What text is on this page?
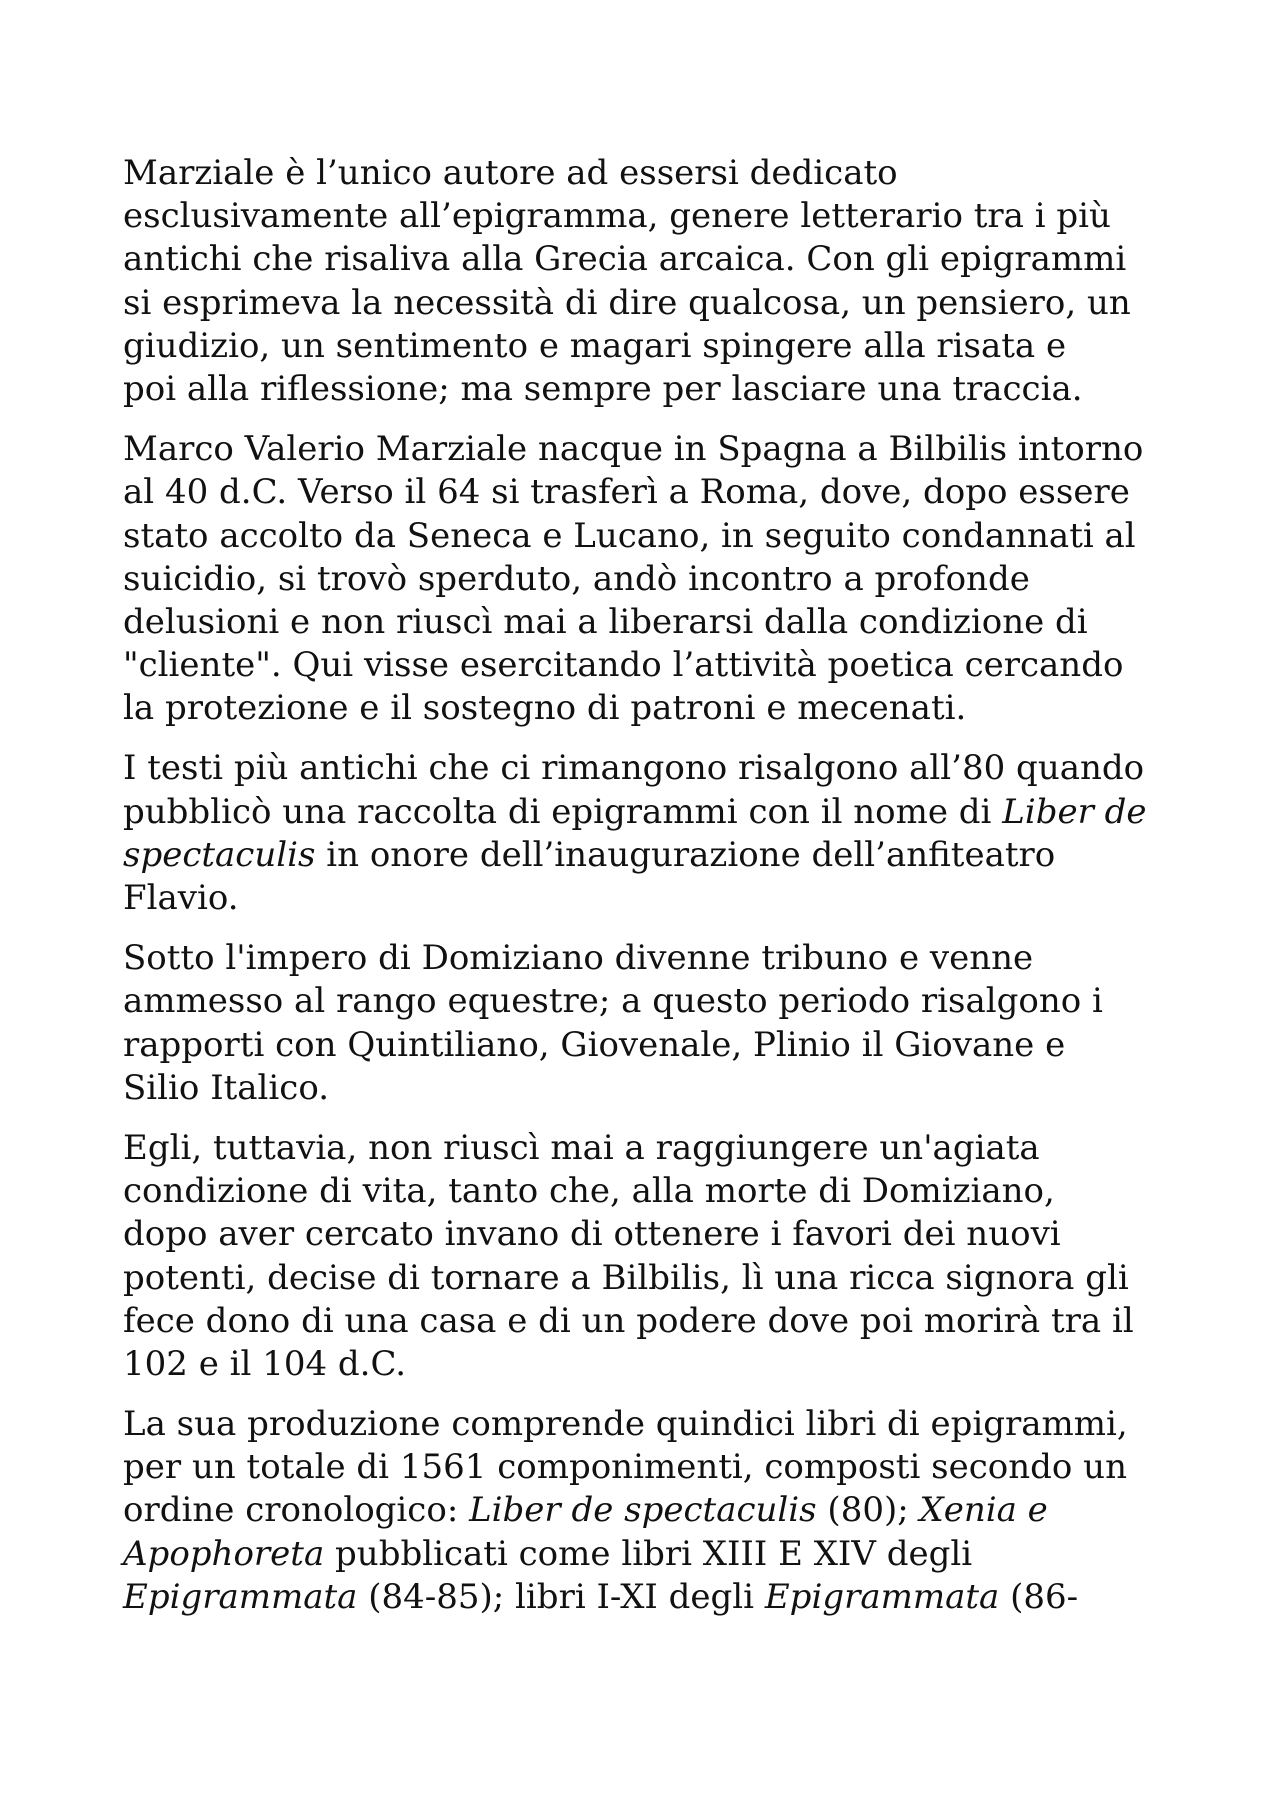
Marziale è l’unico autore ad essersi dedicato
esclusivamente all’epigramma, genere letterario tra i più
antichi che risaliva alla Grecia arcaica. Con gli epigrammi
si esprimeva la necessità di dire qualcosa, un pensiero, un
giudizio, un sentimento e magari spingere alla risata e
poi alla riflessione; ma sempre per lasciare una traccia.
Marco Valerio Marziale nacque in Spagna a Bilbilis intorno
al 40 d.C. Verso il 64 si trasferì a Roma, dove, dopo essere
stato accolto da Seneca e Lucano, in seguito condannati al
suicidio, si trovò sperduto, andò incontro a profonde
delusioni e non riuscì mai a liberarsi dalla condizione di
"cliente". Qui visse esercitando l’attività poetica cercando
la protezione e il sostegno di patroni e mecenati.
I testi più antichi che ci rimangono risalgono all’80 quando
pubblicò una raccolta di epigrammi con il nome di Liber de
spectaculis in onore dell’inaugurazione dell’anfiteatro
Flavio.
Sotto l'impero di Domiziano divenne tribuno e venne
ammesso al rango equestre; a questo periodo risalgono i
rapporti con Quintiliano, Giovenale, Plinio il Giovane e
Silio Italico.
Egli, tuttavia, non riuscì mai a raggiungere un'agiata
condizione di vita, tanto che, alla morte di Domiziano,
dopo aver cercato invano di ottenere i favori dei nuovi
potenti, decise di tornare a Bilbilis, lì una ricca signora gli
fece dono di una casa e di un podere dove poi morirà tra il
102 e il 104 d.C.
La sua produzione comprende quindici libri di epigrammi,
per un totale di 1561 componimenti, composti secondo un
ordine cronologico: Liber de spectaculis (80); Xenia e
Apophoreta pubblicati come libri XIII E XIV degli
Epigrammata (84-85); libri I-XI degli Epigrammata (86-
